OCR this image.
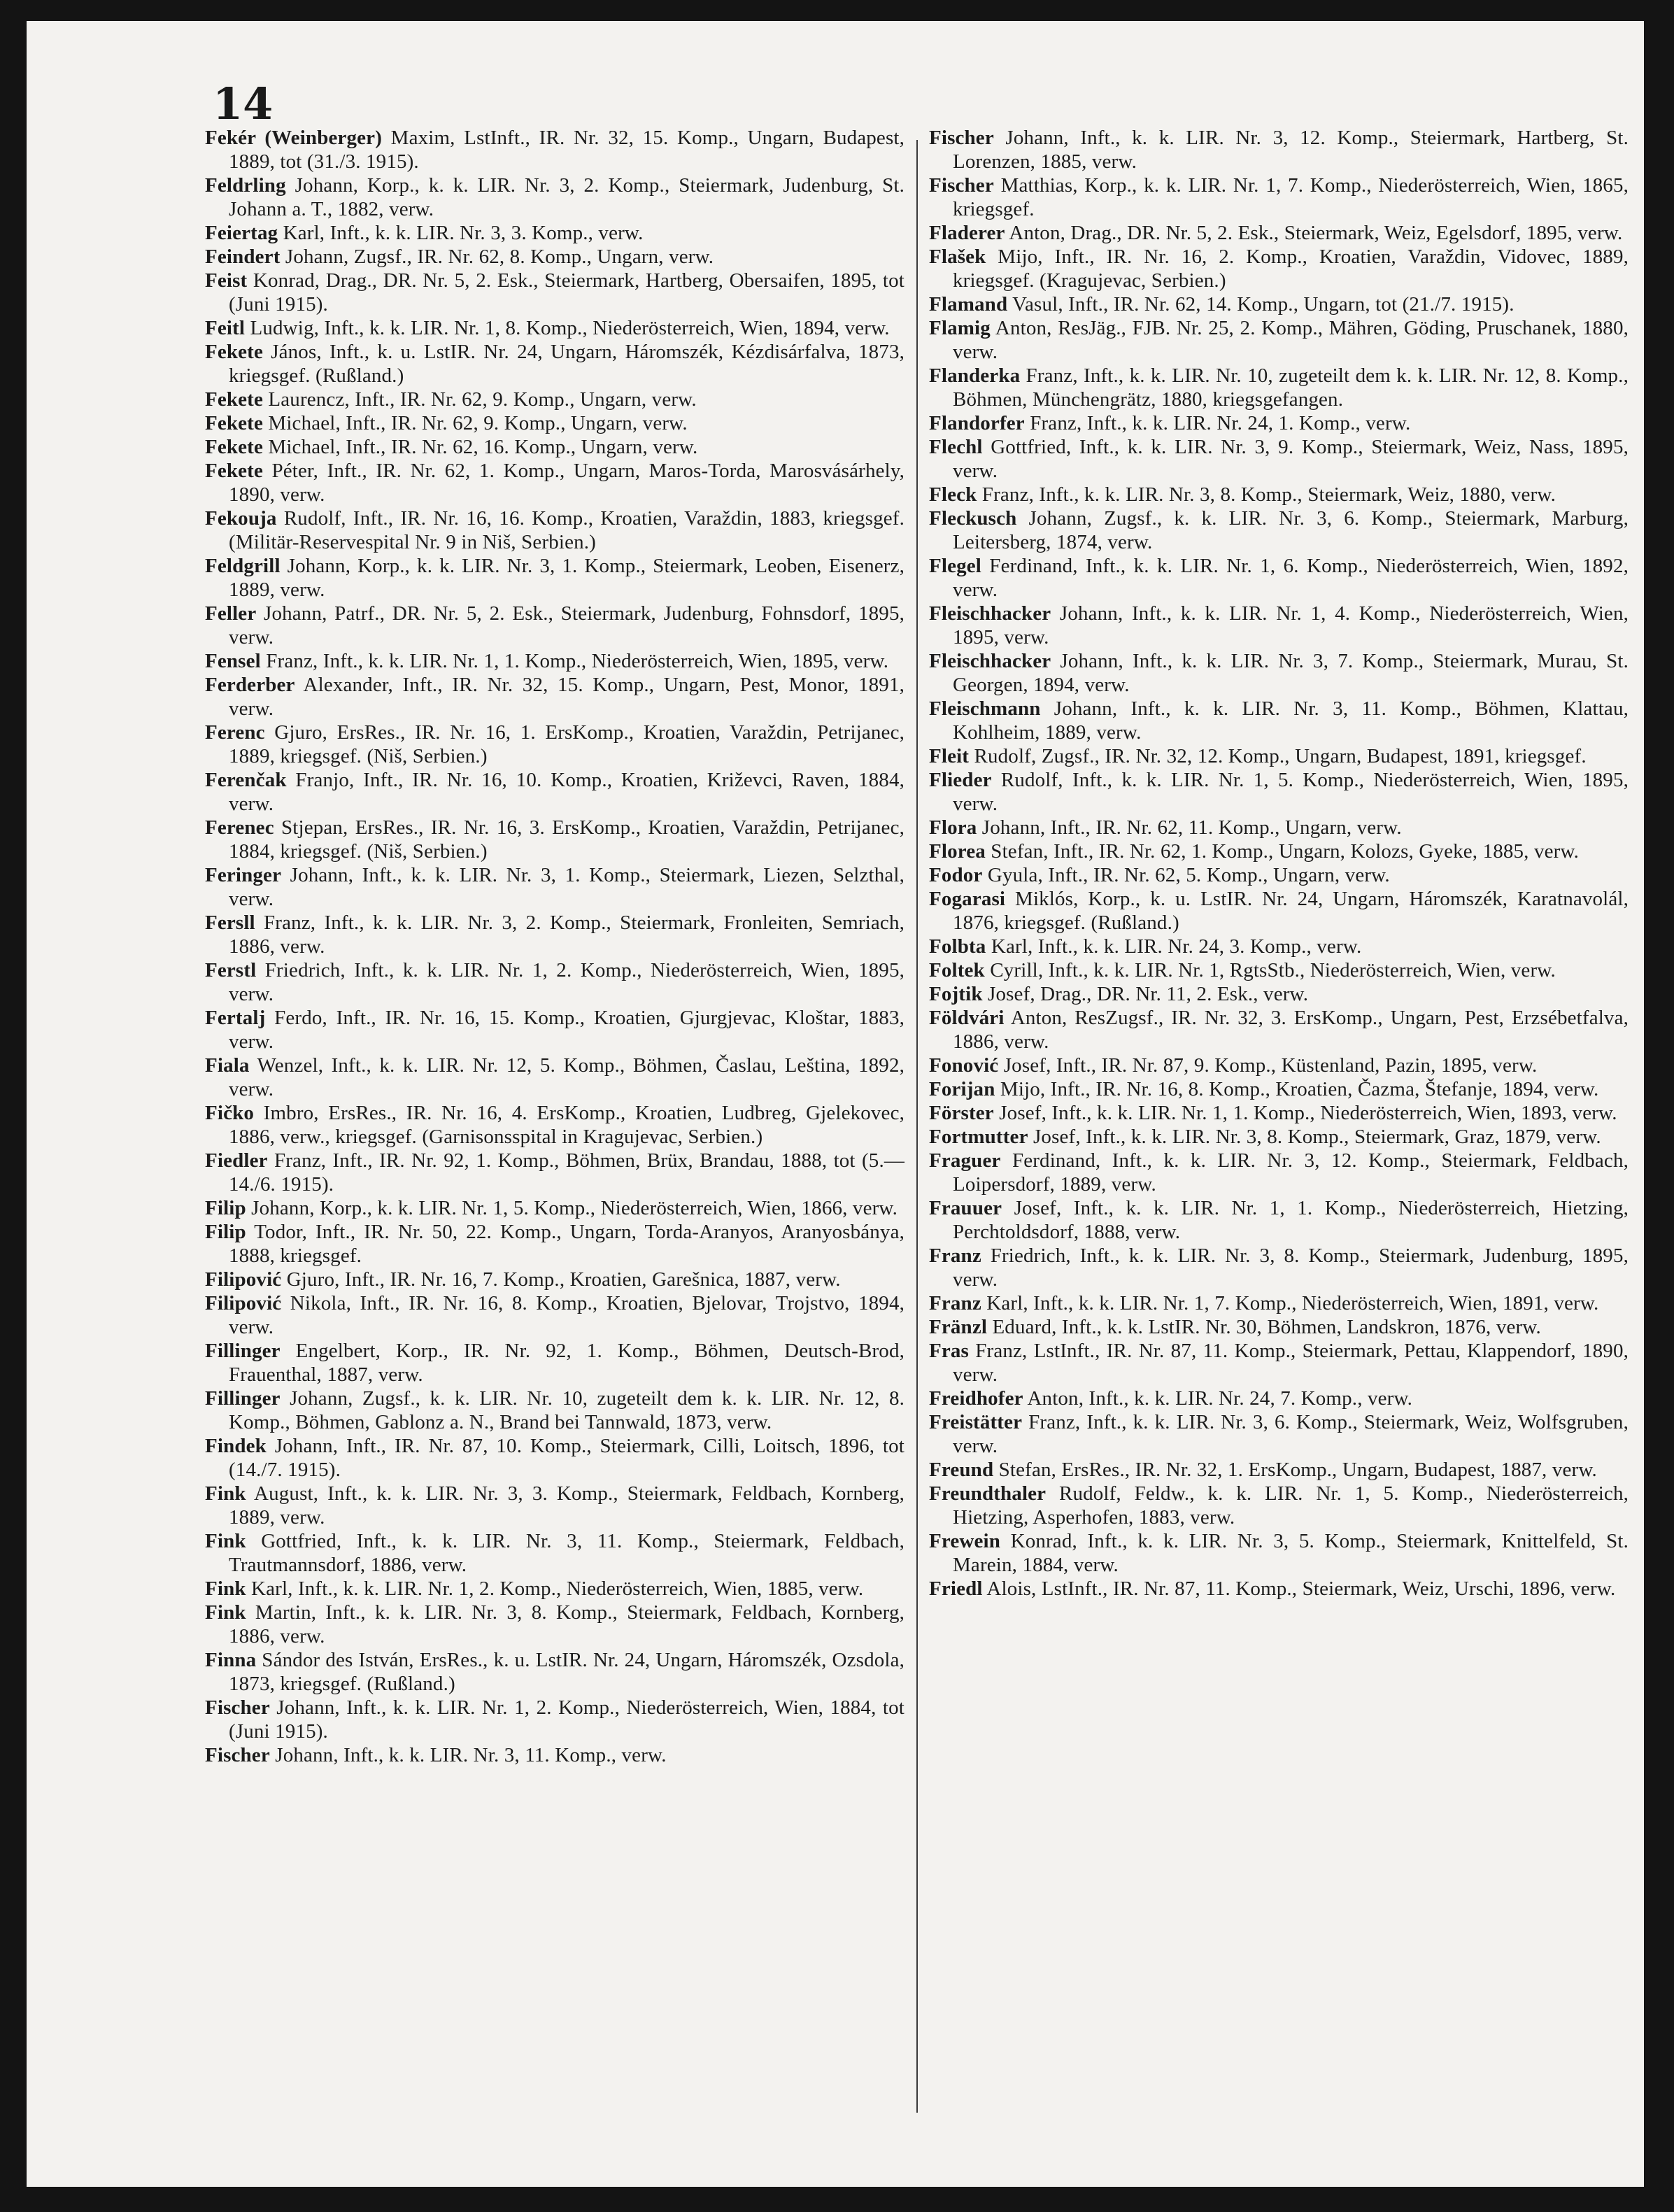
14

Fekér (Weinberger) Maxim, LstInft., IR. Nr. 32, 15. Komp., Ungarn, Budapest, 1889, tot (31./3. 1915).

Feldrling Johann, Korp., k. k. LIR. Nr. 3, 2. Komp., Steiermark, Judenburg, St. Johann a. T., 1882, verw.

Feiertag Karl, Inft., k. k. LIR. Nr. 3, 3. Komp., verw.

Feindert Johann, Zugsf., IR. Nr. 62, 8. Komp., Ungarn, verw.

Feist Konrad, Drag., DR. Nr. 5, 2. Esk., Steiermark, Hartberg, Obersaifen, 1895, tot (Juni 1915).

Feitl Ludwig, Inft., k. k. LIR. Nr. 1, 8. Komp., Niederösterreich, Wien, 1894, verw.

Fekete János, Inft., k. u. LstIR. Nr. 24, Ungarn, Háromszék, Kézdisárfalva, 1873, kriegsgef. (Rußland.)

Fekete Laurencz, Inft., IR. Nr. 62, 9. Komp., Ungarn, verw.

Fekete Michael, Inft., IR. Nr. 62, 9. Komp., Ungarn, verw.

Fekete Michael, Inft., IR. Nr. 62, 16. Komp., Ungarn, verw.

Fekete Péter, Inft., IR. Nr. 62, 1. Komp., Ungarn, Maros-Torda, Marosvásárhely, 1890, verw.

Fekouja Rudolf, Inft., IR. Nr. 16, 16. Komp., Kroatien, Varaždin, 1883, kriegsgef. (Militär-Reservespital Nr. 9 in Niš, Serbien.)

Feldgrill Johann, Korp., k. k. LIR. Nr. 3, 1. Komp., Steiermark, Leoben, Eisenerz, 1889, verw.

Feller Johann, Patrf., DR. Nr. 5, 2. Esk., Steiermark, Judenburg, Fohnsdorf, 1895, verw.

Fensel Franz, Inft., k. k. LIR. Nr. 1, 1. Komp., Niederösterreich, Wien, 1895, verw.

Ferderber Alexander, Inft., IR. Nr. 32, 15. Komp., Ungarn, Pest, Monor, 1891, verw.

Ferenc Gjuro, ErsRes., IR. Nr. 16, 1. ErsKomp., Kroatien, Varaždin, Petrijanec, 1889, kriegsgef. (Niš, Serbien.)

Ferenčak Franjo, Inft., IR. Nr. 16, 10. Komp., Kroatien, Križevci, Raven, 1884, verw.

Ferenec Stjepan, ErsRes., IR. Nr. 16, 3. ErsKomp., Kroatien, Varaždin, Petrijanec, 1884, kriegsgef. (Niš, Serbien.)

Feringer Johann, Inft., k. k. LIR. Nr. 3, 1. Komp., Steiermark, Liezen, Selzthal, verw.

Fersll Franz, Inft., k. k. LIR. Nr. 3, 2. Komp., Steiermark, Fronleiten, Semriach, 1886, verw.

Ferstl Friedrich, Inft., k. k. LIR. Nr. 1, 2. Komp., Niederösterreich, Wien, 1895, verw.

Fertalj Ferdo, Inft., IR. Nr. 16, 15. Komp., Kroatien, Gjurgjevac, Kloštar, 1883, verw.

Fiala Wenzel, Inft., k. k. LIR. Nr. 12, 5. Komp., Böhmen, Časlau, Leština, 1892, verw.

Fičko Imbro, ErsRes., IR. Nr. 16, 4. ErsKomp., Kroatien, Ludbreg, Gjelekovec, 1886, verw., kriegsgef. (Garnisonsspital in Kragujevac, Serbien.)

Fiedler Franz, Inft., IR. Nr. 92, 1. Komp., Böhmen, Brüx, Brandau, 1888, tot (5.—14./6. 1915).

Filip Johann, Korp., k. k. LIR. Nr. 1, 5. Komp., Niederösterreich, Wien, 1866, verw.

Filip Todor, Inft., IR. Nr. 50, 22. Komp., Ungarn, Torda-Aranyos, Aranyosbánya, 1888, kriegsgef.

Filipović Gjuro, Inft., IR. Nr. 16, 7. Komp., Kroatien, Garešnica, 1887, verw.

Filipović Nikola, Inft., IR. Nr. 16, 8. Komp., Kroatien, Bjelovar, Trojstvo, 1894, verw.

Fillinger Engelbert, Korp., IR. Nr. 92, 1. Komp., Böhmen, Deutsch-Brod, Frauenthal, 1887, verw.

Fillinger Johann, Zugsf., k. k. LIR. Nr. 10, zugeteilt dem k. k. LIR. Nr. 12, 8. Komp., Böhmen, Gablonz a. N., Brand bei Tannwald, 1873, verw.

Findek Johann, Inft., IR. Nr. 87, 10. Komp., Steiermark, Cilli, Loitsch, 1896, tot (14./7. 1915).

Fink August, Inft., k. k. LIR. Nr. 3, 3. Komp., Steiermark, Feldbach, Kornberg, 1889, verw.

Fink Gottfried, Inft., k. k. LIR. Nr. 3, 11. Komp., Steiermark, Feldbach, Trautmannsdorf, 1886, verw.

Fink Karl, Inft., k. k. LIR. Nr. 1, 2. Komp., Niederösterreich, Wien, 1885, verw.

Fink Martin, Inft., k. k. LIR. Nr. 3, 8. Komp., Steiermark, Feldbach, Kornberg, 1886, verw.

Finna Sándor des István, ErsRes., k. u. LstIR. Nr. 24, Ungarn, Háromszék, Ozsdola, 1873, kriegsgef. (Rußland.)

Fischer Johann, Inft., k. k. LIR. Nr. 1, 2. Komp., Niederösterreich, Wien, 1884, tot (Juni 1915).

Fischer Johann, Inft., k. k. LIR. Nr. 3, 11. Komp., verw.

Fischer Johann, Inft., k. k. LIR. Nr. 3, 12. Komp., Steiermark, Hartberg, St. Lorenzen, 1885, verw.

Fischer Matthias, Korp., k. k. LIR. Nr. 1, 7. Komp., Niederösterreich, Wien, 1865, kriegsgef.

Fladerer Anton, Drag., DR. Nr. 5, 2. Esk., Steiermark, Weiz, Egelsdorf, 1895, verw.

Flašek Mijo, Inft., IR. Nr. 16, 2. Komp., Kroatien, Varaždin, Vidovec, 1889, kriegsgef. (Kragujevac, Serbien.)

Flamand Vasul, Inft., IR. Nr. 62, 14. Komp., Ungarn, tot (21./7. 1915).

Flamig Anton, ResJäg., FJB. Nr. 25, 2. Komp., Mähren, Göding, Pruschanek, 1880, verw.

Flanderka Franz, Inft., k. k. LIR. Nr. 10, zugeteilt dem k. k. LIR. Nr. 12, 8. Komp., Böhmen, Münchengrätz, 1880, kriegsgefangen.

Flandorfer Franz, Inft., k. k. LIR. Nr. 24, 1. Komp., verw.

Flechl Gottfried, Inft., k. k. LIR. Nr. 3, 9. Komp., Steiermark, Weiz, Nass, 1895, verw.

Fleck Franz, Inft., k. k. LIR. Nr. 3, 8. Komp., Steiermark, Weiz, 1880, verw.

Fleckusch Johann, Zugsf., k. k. LIR. Nr. 3, 6. Komp., Steiermark, Marburg, Leitersberg, 1874, verw.

Flegel Ferdinand, Inft., k. k. LIR. Nr. 1, 6. Komp., Niederösterreich, Wien, 1892, verw.

Fleischhacker Johann, Inft., k. k. LIR. Nr. 1, 4. Komp., Niederösterreich, Wien, 1895, verw.

Fleischhacker Johann, Inft., k. k. LIR. Nr. 3, 7. Komp., Steiermark, Murau, St. Georgen, 1894, verw.

Fleischmann Johann, Inft., k. k. LIR. Nr. 3, 11. Komp., Böhmen, Klattau, Kohlheim, 1889, verw.

Fleit Rudolf, Zugsf., IR. Nr. 32, 12. Komp., Ungarn, Budapest, 1891, kriegsgef.

Flieder Rudolf, Inft., k. k. LIR. Nr. 1, 5. Komp., Niederösterreich, Wien, 1895, verw.

Flora Johann, Inft., IR. Nr. 62, 11. Komp., Ungarn, verw.

Florea Stefan, Inft., IR. Nr. 62, 1. Komp., Ungarn, Kolozs, Gyeke, 1885, verw.

Fodor Gyula, Inft., IR. Nr. 62, 5. Komp., Ungarn, verw.

Fogarasi Miklós, Korp., k. u. LstIR. Nr. 24, Ungarn, Háromszék, Karatnavolál, 1876, kriegsgef. (Rußland.)

Folbta Karl, Inft., k. k. LIR. Nr. 24, 3. Komp., verw.

Foltek Cyrill, Inft., k. k. LIR. Nr. 1, RgtsStb., Niederösterreich, Wien, verw.

Fojtik Josef, Drag., DR. Nr. 11, 2. Esk., verw.

Földvári Anton, ResZugsf., IR. Nr. 32, 3. ErsKomp., Ungarn, Pest, Erzsébetfalva, 1886, verw.

Fonović Josef, Inft., IR. Nr. 87, 9. Komp., Küstenland, Pazin, 1895, verw.

Forijan Mijo, Inft., IR. Nr. 16, 8. Komp., Kroatien, Čazma, Štefanje, 1894, verw.

Förster Josef, Inft., k. k. LIR. Nr. 1, 1. Komp., Niederösterreich, Wien, 1893, verw.

Fortmutter Josef, Inft., k. k. LIR. Nr. 3, 8. Komp., Steiermark, Graz, 1879, verw.

Fraguer Ferdinand, Inft., k. k. LIR. Nr. 3, 12. Komp., Steiermark, Feldbach, Loipersdorf, 1889, verw.

Frauuer Josef, Inft., k. k. LIR. Nr. 1, 1. Komp., Niederösterreich, Hietzing, Perchtoldsdorf, 1888, verw.

Franz Friedrich, Inft., k. k. LIR. Nr. 3, 8. Komp., Steiermark, Judenburg, 1895, verw.

Franz Karl, Inft., k. k. LIR. Nr. 1, 7. Komp., Niederösterreich, Wien, 1891, verw.

Fränzl Eduard, Inft., k. k. LstIR. Nr. 30, Böhmen, Landskron, 1876, verw.

Fras Franz, LstInft., IR. Nr. 87, 11. Komp., Steiermark, Pettau, Klappendorf, 1890, verw.

Freidhofer Anton, Inft., k. k. LIR. Nr. 24, 7. Komp., verw.

Freistätter Franz, Inft., k. k. LIR. Nr. 3, 6. Komp., Steiermark, Weiz, Wolfsgruben, verw.

Freund Stefan, ErsRes., IR. Nr. 32, 1. ErsKomp., Ungarn, Budapest, 1887, verw.

Freundthaler Rudolf, Feldw., k. k. LIR. Nr. 1, 5. Komp., Niederösterreich, Hietzing, Asperhofen, 1883, verw.

Frewein Konrad, Inft., k. k. LIR. Nr. 3, 5. Komp., Steiermark, Knittelfeld, St. Marein, 1884, verw.

Friedl Alois, LstInft., IR. Nr. 87, 11. Komp., Steiermark, Weiz, Urschi, 1896, verw.
